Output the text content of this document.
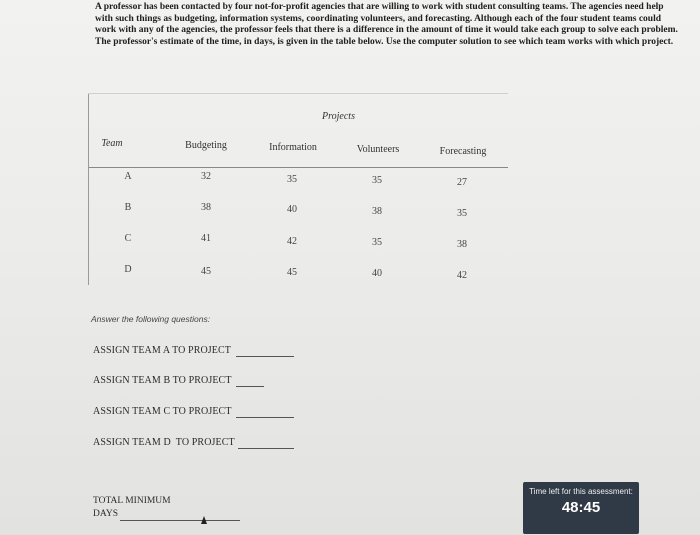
A professor has been contacted by four not-for-profit agencies that are willing to work with student consulting teams. The agencies need help with such things as budgeting, information systems, coordinating volunteers, and forecasting. Although each of the four student teams could work with any of the agencies, the professor feels that there is a difference in the amount of time it would take each group to solve each problem. The professor's estimate of the time, in days, is given in the table below. Use the computer solution to see which team works with which project.

Projects
Team	Budgeting	Information	Volunteers	Forecasting
A	32	35	35	27
B	38	40	38	35
C	41	42	35	38
D	45	45	40	42
Answer the following questions:
ASSIGN TEAM A TO PROJECT
ASSIGN TEAM B TO PROJECT
ASSIGN TEAM C TO PROJECT
ASSIGN TEAM D  TO PROJECT
TOTAL MINIMUM
DAYS
Time left for this assessment:
48:45
